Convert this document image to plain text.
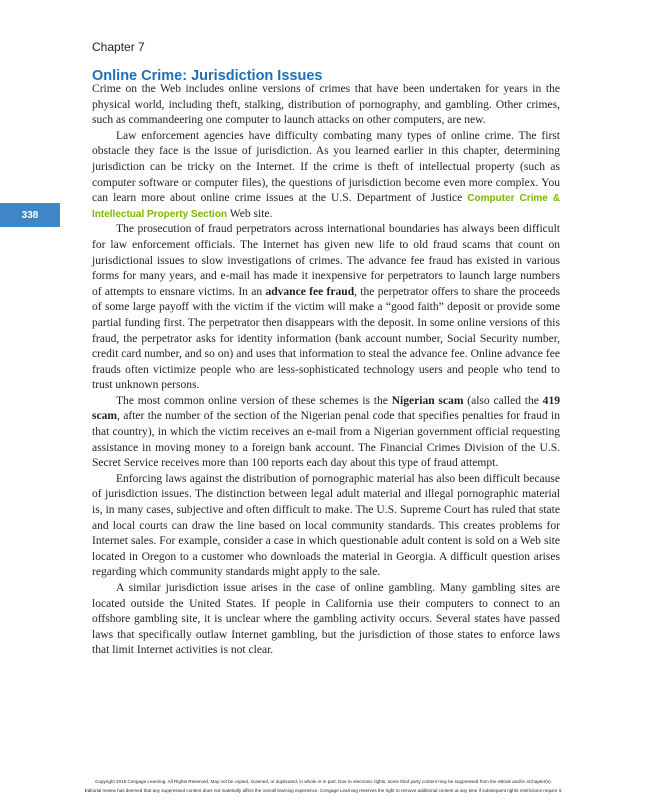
Chapter 7
Online Crime: Jurisdiction Issues
338

Crime on the Web includes online versions of crimes that have been undertaken for years in the physical world, including theft, stalking, distribution of pornography, and gambling. Other crimes, such as commandeering one computer to launch attacks on other computers, are new.

Law enforcement agencies have difficulty combating many types of online crime. The first obstacle they face is the issue of jurisdiction. As you learned earlier in this chapter, determining jurisdiction can be tricky on the Internet. If the crime is theft of intellectual property (such as computer software or computer files), the questions of jurisdiction become even more complex. You can learn more about online crime issues at the U.S. Department of Justice Computer Crime & Intellectual Property Section Web site.

The prosecution of fraud perpetrators across international boundaries has always been difficult for law enforcement officials. The Internet has given new life to old fraud scams that count on jurisdictional issues to slow investigations of crimes. The advance fee fraud has existed in various forms for many years, and e-mail has made it inexpensive for perpetrators to launch large numbers of attempts to ensnare victims. In an advance fee fraud, the perpetrator offers to share the proceeds of some large payoff with the victim if the victim will make a “good faith” deposit or provide some partial funding first. The perpetrator then disappears with the deposit. In some online versions of this fraud, the perpetrator asks for identity information (bank account number, Social Security number, credit card number, and so on) and uses that information to steal the advance fee. Online advance fee frauds often victimize people who are less-sophisticated technology users and people who tend to trust unknown persons.

The most common online version of these schemes is the Nigerian scam (also called the 419 scam, after the number of the section of the Nigerian penal code that specifies penalties for fraud in that country), in which the victim receives an e-mail from a Nigerian government official requesting assistance in moving money to a foreign bank account. The Financial Crimes Division of the U.S. Secret Service receives more than 100 reports each day about this type of fraud attempt.

Enforcing laws against the distribution of pornographic material has also been difficult because of jurisdiction issues. The distinction between legal adult material and illegal pornographic material is, in many cases, subjective and often difficult to make. The U.S. Supreme Court has ruled that state and local courts can draw the line based on local community standards. This creates problems for Internet sales. For example, consider a case in which questionable adult content is sold on a Web site located in Oregon to a customer who downloads the material in Georgia. A difficult question arises regarding which community standards might apply to the sale.

A similar jurisdiction issue arises in the case of online gambling. Many gambling sites are located outside the United States. If people in California use their computers to connect to an offshore gambling site, it is unclear where the gambling activity occurs. Several states have passed laws that specifically outlaw Internet gambling, but the jurisdiction of those states to enforce laws that limit Internet activities is not clear.

Copyright 2015 Cengage Learning. All Rights Reserved. May not be copied, scanned, or duplicated, in whole or in part. Due to electronic rights, some third party content may be suppressed from the eBook and/or eChapter(s).
Editorial review has deemed that any suppressed content does not materially affect the overall learning experience. Cengage Learning reserves the right to remove additional content at any time if subsequent rights restrictions require it.
